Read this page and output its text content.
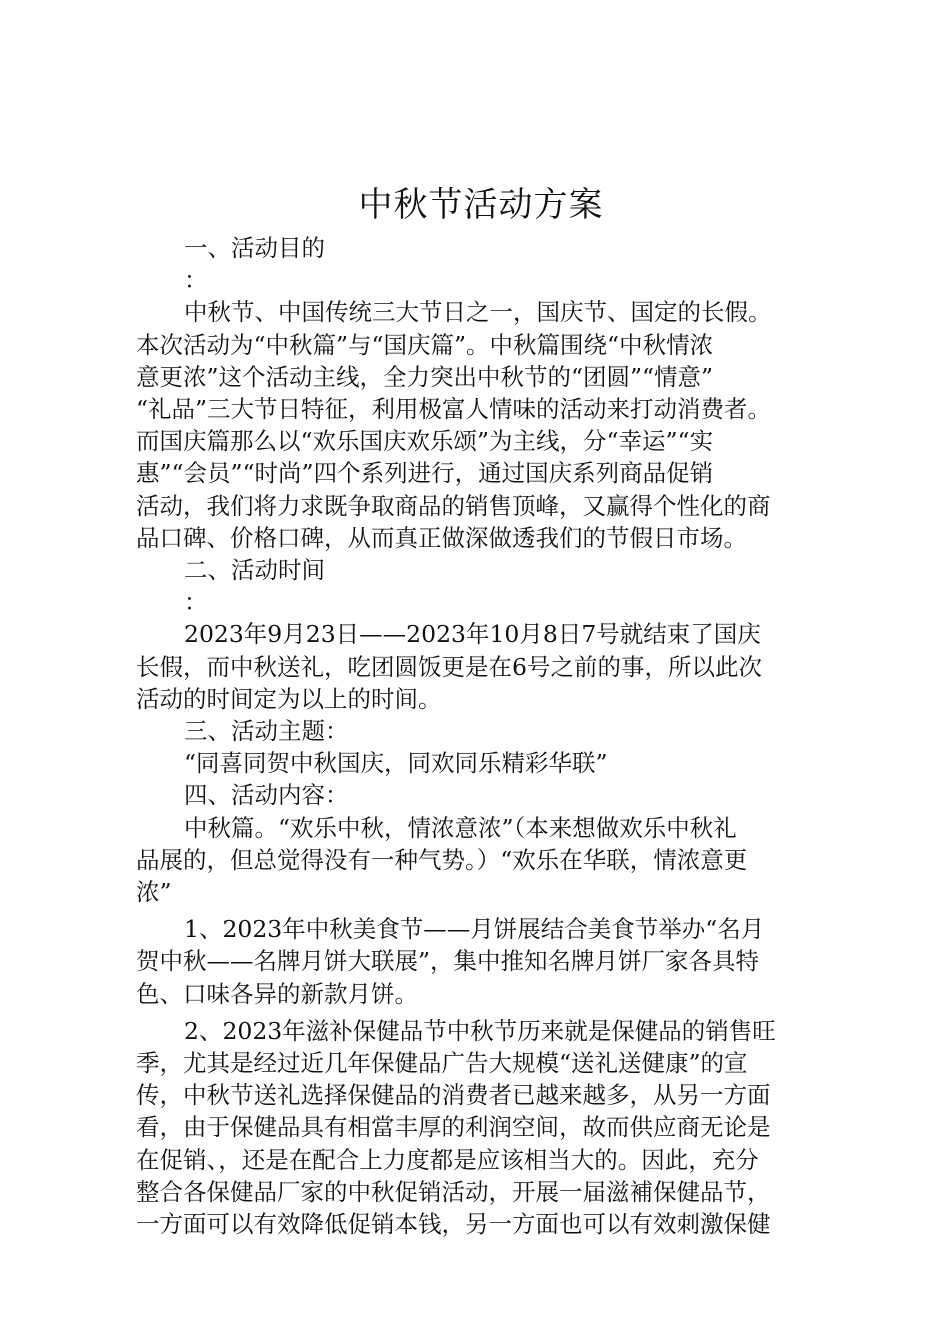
中秋节活动方案

一、活动目的

：

中秋节、中国传统三大节日之一，国庆节、国定的长假。

本次活动为“中秋篇”与“国庆篇”。中秋篇围绕“中秋情浓

意更浓”这个活动主线，全力突出中秋节的“团圆”“情意”

“礼品”三大节日特征，利用极富人情味的活动来打动消费者。

而国庆篇那么以“欢乐国庆欢乐颂”为主线，分“幸运”“实

惠”“会员”“时尚”四个系列进行，通过国庆系列商品促销

活动，我们将力求既争取商品的销售顶峰，又赢得个性化的商

品口碑、价格口碑，从而真正做深做透我们的节假日市场。

二、活动时间

：

2023年9月23日——2023年10月8日7号就结束了国庆

长假，而中秋送礼，吃团圆饭更是在6号之前的事，所以此次

活动的时间定为以上的时间。

三、活动主题：

“同喜同贺中秋国庆，同欢同乐精彩华联”

四、活动内容：

中秋篇。“欢乐中秋，情浓意浓”（本来想做欢乐中秋礼

品展的，但总觉得没有一种气势。）“欢乐在华联，情浓意更

浓”

1、2023年中秋美食节——月饼展结合美食节举办“名月

贺中秋——名牌月饼大联展”，集中推知名牌月饼厂家各具特

色、口味各异的新款月饼。

2、2023年滋补保健品节中秋节历来就是保健品的销售旺

季，尤其是经过近几年保健品广告大规模“送礼送健康”的宣

传，中秋节送礼选择保健品的消费者已越来越多，从另一方面

看，由于保健品具有相當丰厚的利润空间，故而供应商无论是

在促销、，还是在配合上力度都是应该相当大的。因此，充分

整合各保健品厂家的中秋促销活动，开展一届滋補保健品节，

一方面可以有效降低促销本钱，另一方面也可以有效刺激保健
